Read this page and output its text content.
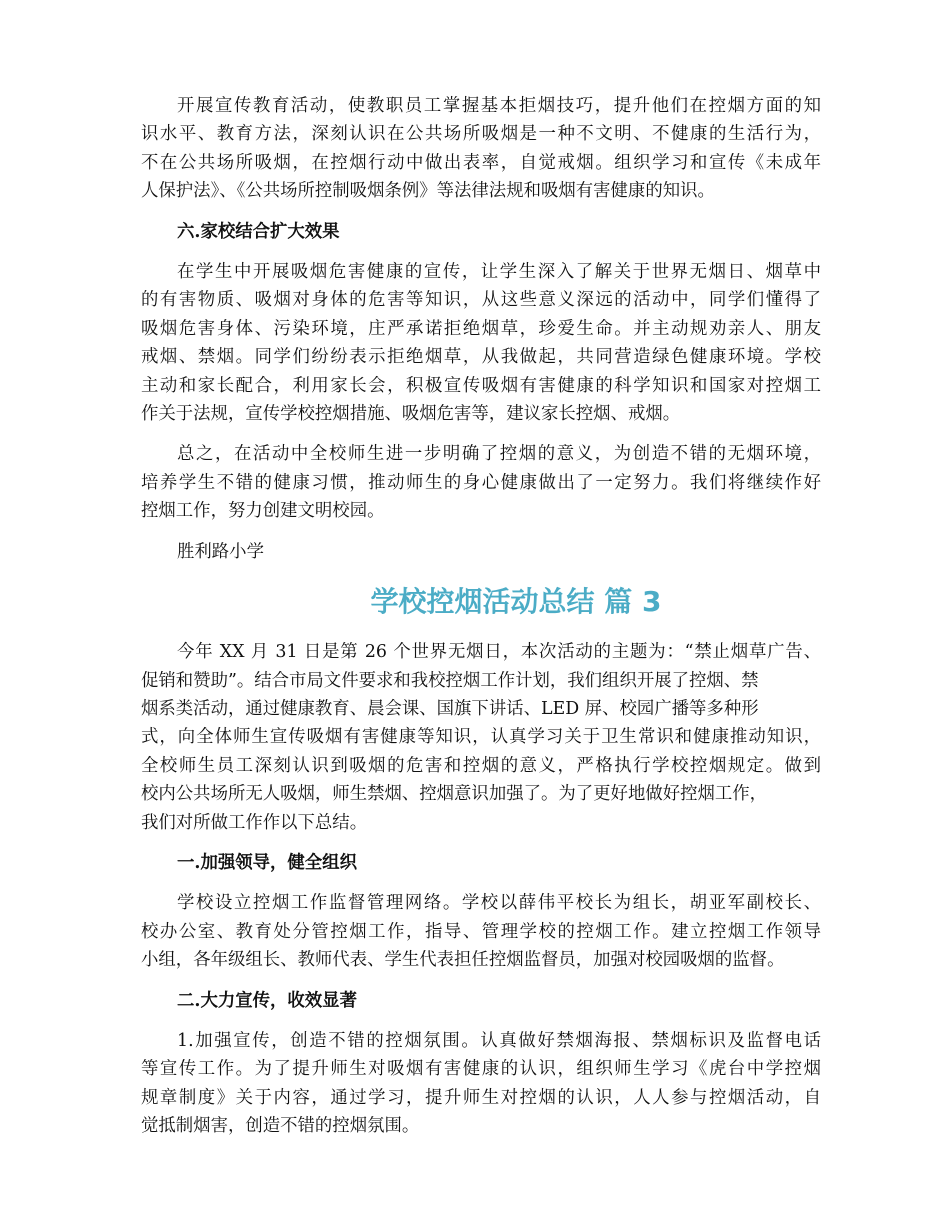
开展宣传教育活动，使教职员工掌握基本拒烟技巧，提升他们在控烟方面的知
识水平、教育方法，深刻认识在公共场所吸烟是一种不文明、不健康的生活行为，
不在公共场所吸烟，在控烟行动中做出表率，自觉戒烟。组织学习和宣传《未成年
人保护法》、《公共场所控制吸烟条例》等法律法规和吸烟有害健康的知识。

六.家校结合扩大效果

在学生中开展吸烟危害健康的宣传，让学生深入了解关于世界无烟日、烟草中
的有害物质、吸烟对身体的危害等知识，从这些意义深远的活动中，同学们懂得了
吸烟危害身体、污染环境，庄严承诺拒绝烟草，珍爱生命。并主动规劝亲人、朋友
戒烟、禁烟。同学们纷纷表示拒绝烟草，从我做起，共同营造绿色健康环境。学校
主动和家长配合，利用家长会，积极宣传吸烟有害健康的科学知识和国家对控烟工
作关于法规，宣传学校控烟措施、吸烟危害等，建议家长控烟、戒烟。

总之，在活动中全校师生进一步明确了控烟的意义，为创造不错的无烟环境，
培养学生不错的健康习惯，推动师生的身心健康做出了一定努力。我们将继续作好
控烟工作，努力创建文明校园。

胜利路小学

学校控烟活动总结 篇 3

今年 XX 月 31 日是第 26 个世界无烟日，本次活动的主题为：“禁止烟草广告、
促销和赞助”。结合市局文件要求和我校控烟工作计划，我们组织开展了控烟、禁
烟系类活动，通过健康教育、晨会课、国旗下讲话、LED 屏、校园广播等多种形
式，向全体师生宣传吸烟有害健康等知识，认真学习关于卫生常识和健康推动知识，
全校师生员工深刻认识到吸烟的危害和控烟的意义，严格执行学校控烟规定。做到
校内公共场所无人吸烟，师生禁烟、控烟意识加强了。为了更好地做好控烟工作，
我们对所做工作作以下总结。

一.加强领导，健全组织

学校设立控烟工作监督管理网络。学校以薛伟平校长为组长，胡亚军副校长、
校办公室、教育处分管控烟工作，指导、管理学校的控烟工作。建立控烟工作领导
小组，各年级组长、教师代表、学生代表担任控烟监督员，加强对校园吸烟的监督。

二.大力宣传，收效显著

1.加强宣传，创造不错的控烟氛围。认真做好禁烟海报、禁烟标识及监督电话
等宣传工作。为了提升师生对吸烟有害健康的认识，组织师生学习《虎台中学控烟
规章制度》关于内容，通过学习，提升师生对控烟的认识，人人参与控烟活动，自
觉抵制烟害，创造不错的控烟氛围。
